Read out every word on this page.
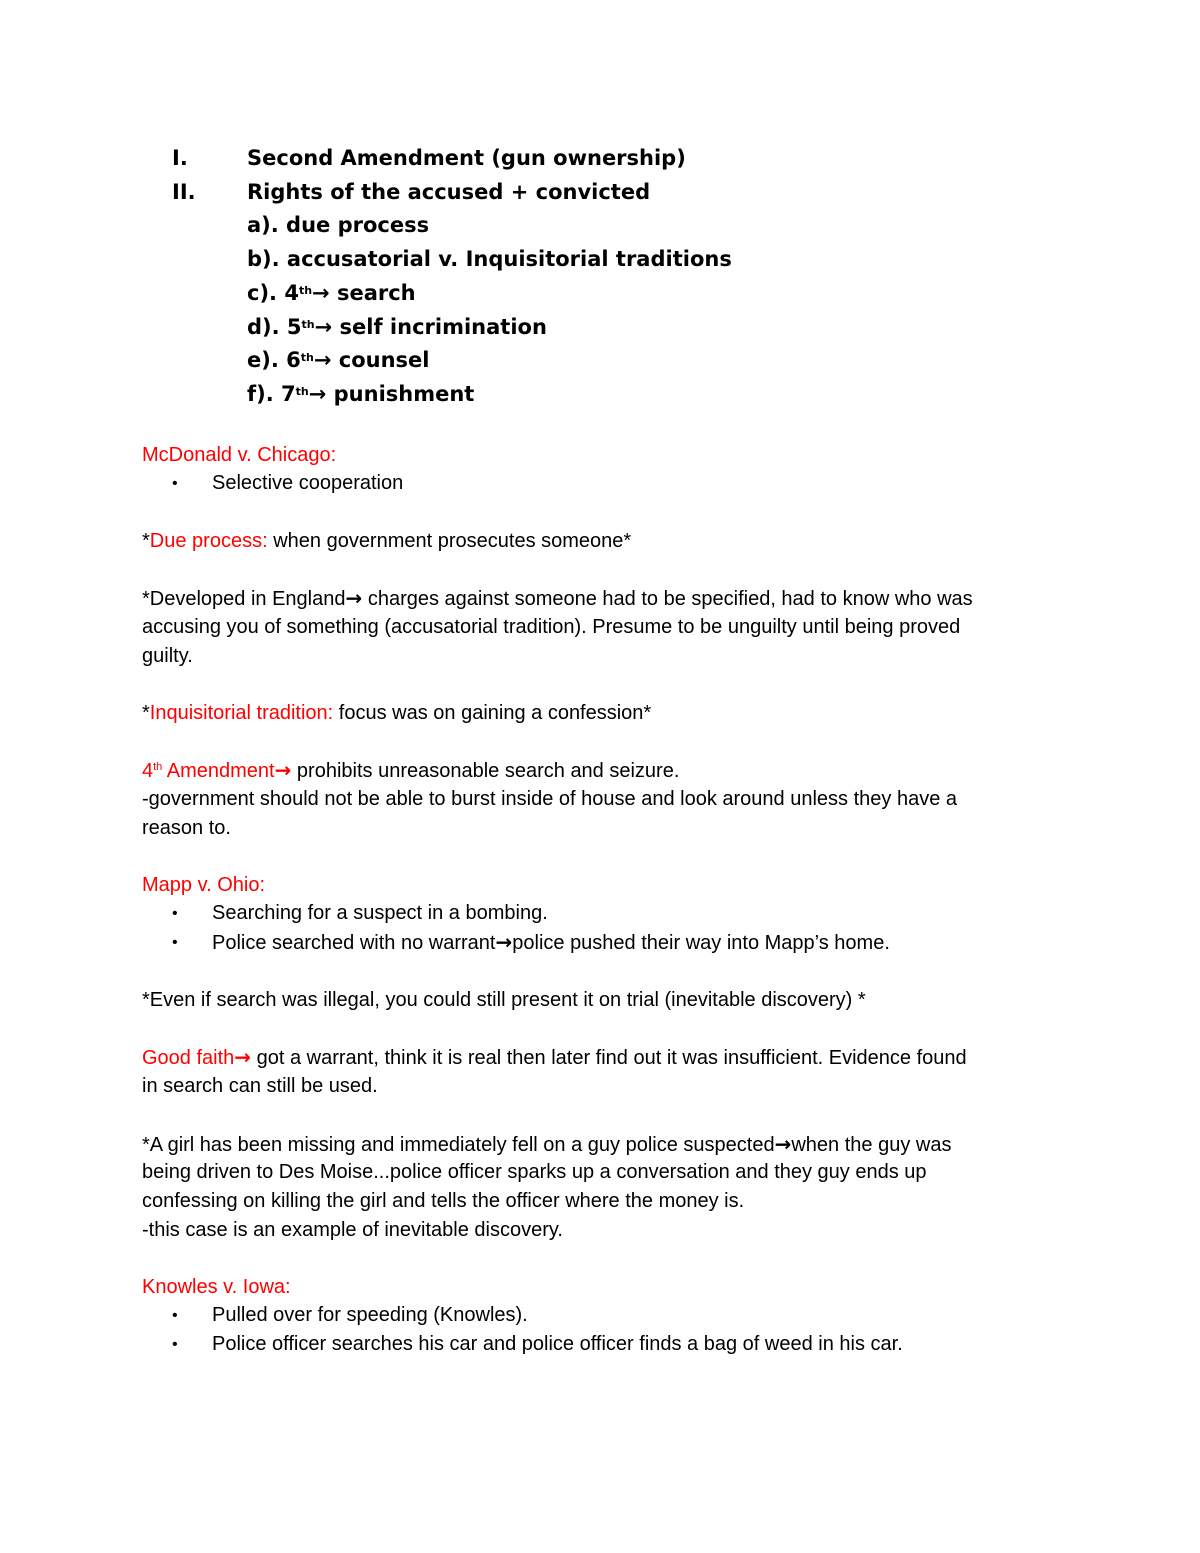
I.	Second Amendment (gun ownership)
II. Rights of the accused + convicted
a). due process
b). accusatorial v. Inquisitorial traditions
c). 4th→ search
d). 5th→ self incrimination
e). 6th→ counsel
f). 7th→ punishment
McDonald v. Chicago:
• Selective cooperation
*Due process: when government prosecutes someone*
*Developed in England→ charges against someone had to be specified, had to know who was
accusing you of something (accusatorial tradition). Presume to be unguilty until being proved
guilty.
*Inquisitorial tradition: focus was on gaining a confession*
4th Amendment→ prohibits unreasonable search and seizure.
-government should not be able to burst inside of house and look around unless they have a
reason to.
Mapp v. Ohio:
• Searching for a suspect in a bombing.
• Police searched with no warrant→police pushed their way into Mapp’s home.
*Even if search was illegal, you could still present it on trial (inevitable discovery) *
Good faith→ got a warrant, think it is real then later find out it was insufficient. Evidence found
in search can still be used.
*A girl has been missing and immediately fell on a guy police suspected→when the guy was
being driven to Des Moise...police officer sparks up a conversation and they guy ends up
confessing on killing the girl and tells the officer where the money is.
-this case is an example of inevitable discovery.
Knowles v. Iowa:
• Pulled over for speeding (Knowles).
• Police officer searches his car and police officer finds a bag of weed in his car.
